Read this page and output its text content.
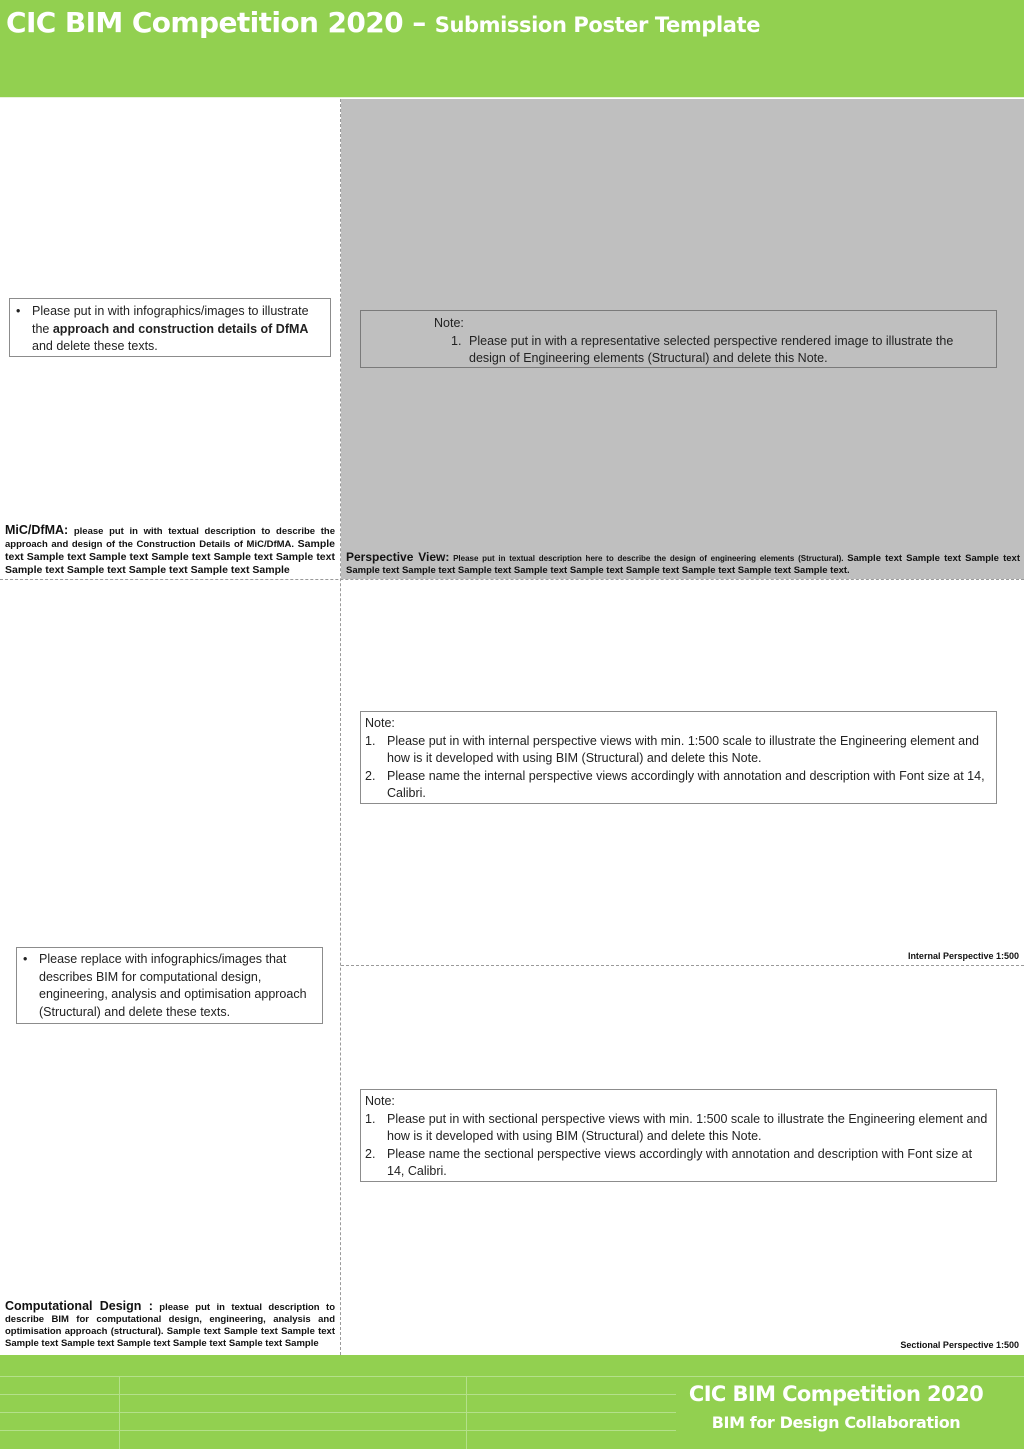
CIC BIM Competition 2020 – Submission Poster Template
• Please put in with infographics/images to illustrate the approach and construction details of DfMA and delete these texts.
Note:
1. Please put in with a representative selected perspective rendered image to illustrate the design of Engineering elements (Structural) and delete this Note.
MiC/DfMA: please put in with textual description to describe the approach and design of the Construction Details of MiC/DfMA. Sample text Sample text Sample text Sample text Sample text Sample text Sample text Sample text Sample text Sample text Sample
Perspective View: Please put in textual description here to describe the design of engineering elements (Structural). Sample text Sample text Sample text Sample text Sample text Sample text Sample text Sample text Sample text Sample text Sample text Sample text.
Note:
1. Please put in with internal perspective views with min. 1:500 scale to illustrate the Engineering element and how is it developed with using BIM (Structural) and delete this Note.
2. Please name the internal perspective views accordingly with annotation and description with Font size at 14, Calibri.
Internal Perspective 1:500
• Please replace with infographics/images that describes BIM for computational design, engineering, analysis and optimisation approach (Structural) and delete these texts.
Note:
1. Please put in with sectional perspective views with min. 1:500 scale to illustrate the Engineering element and how is it developed with using BIM (Structural) and delete this Note.
2. Please name the sectional perspective views accordingly with annotation and description with Font size at 14, Calibri.
Computational Design : please put in textual description to describe BIM for computational design, engineering, analysis and optimisation approach (structural). Sample text Sample text Sample text Sample text Sample text Sample text Sample text Sample text Sample	Sectional Perspective 1:500
CIC BIM Competition 2020
BIM for Design Collaboration
